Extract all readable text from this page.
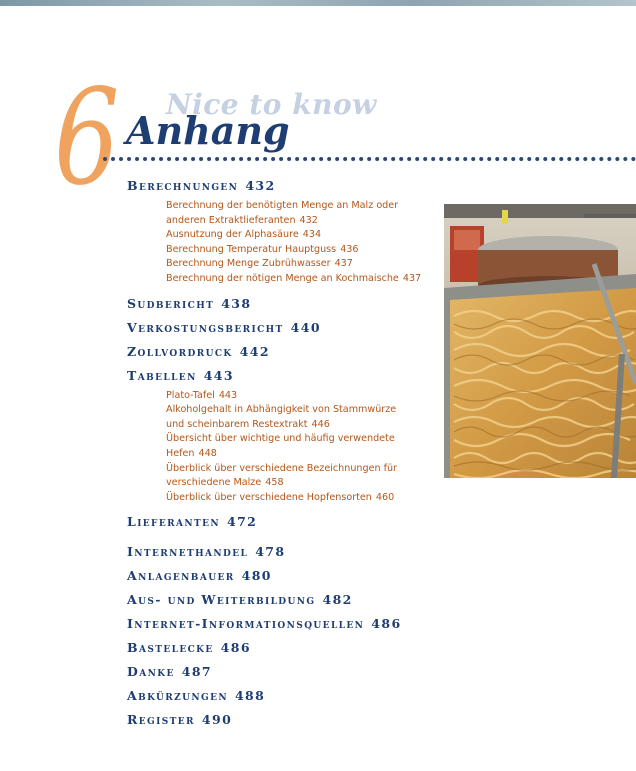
6 Nice to know
Anhang
Berechnungen 432
Berechnung der benötigten Menge an Malz oder
anderen Extraktlieferanten 432
Ausnutzung der Alphasäure 434
Berechnung Temperatur Hauptguss 436
Berechnung Menge Zubrühwasser 437
Berechnung der nötigen Menge an Kochmaische 437
Sudbericht 438
Verkostungsbericht 440
Zollvordruck 442
Tabellen 443
Plato-Tafel 443
Alkoholgehalt in Abhängigkeit von Stammwürze
und scheinbarem Restextrakt 446
Übersicht über wichtige und häufig verwendete
Hefen 448
Überblick über verschiedene Bezeichnungen für
verschiedene Malze 458
Überblick über verschiedene Hopfensorten 460
Lieferanten 472
Internethandel 478
Anlagenbauer 480
Aus- und Weiterbildung 482
Internet-Informationsquellen 486
Bastelecke 486
Danke 487
Abkürzungen 488
Register 490
